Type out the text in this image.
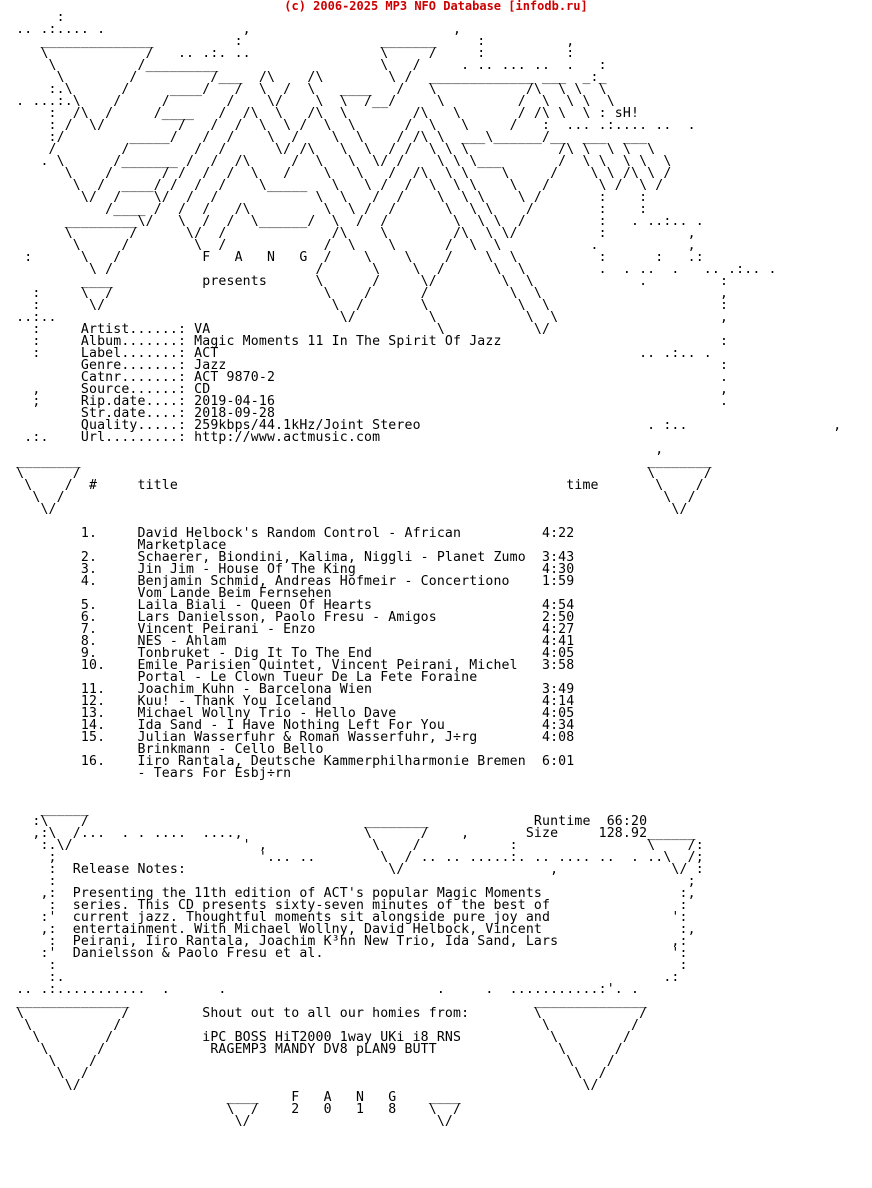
(c) 2006-2025 MP3 NFO Database [infodb.ru]
:
.. .:.... .                 ,                         ,
______________          :                 _______     :          ,
\            /   .. .:. ..                \     /     :          :
\          /_________                    \   /     . .. ... ..  .   :
\        /         /___  /\    /\        \ /  _____________ ___  _:_
:.\      /     ____/   /  \  /  \   ____   /   \           /\  \ \  \
. ...:.\    /     /       /    \/    \  \  /__/     \         /  \  \ \  \
:  /\  /     /____   /  /\  \   /\  \        /\   \       / /\ \  \ : sH!
: /  \/         /   /  /  \  \ /  \  \      /  \   \     /   :  ... .:.... ..  .
:/        _____/   /  /    \  /    \  \    / /\ \  ___\______/__  ___  ___
/        /        /  /      \/ /\   \  \  / /  \ \ \           /\ \  \ \  \
. \      /_______ /  /  /\     /  \   \  \/ /    \ \ \___       /  \ \  \ \  \
\    /      / /  /  /  \   /    \   \   /  /\  \ \    \     /    \ \ /\ \ /
\  /  ____/ /  /  /    \_____   \   \ /  /  \  \ \    \   /      \ /  \ /
\/  /    \/  /  /            \  \   /  /    \  \ \    \ /       :    :
/____ /  /  /   /\         \  \ /  /      \  \ \    /        :    :
_________\/   \  /  /  \______/  \  /  /        \  \ \  /         :   . ..:.. .
\       /      \/  /             /\    \        /\  \ \/          :          ,
\     /        \  /            /  \    \      /  \  \           .           ,
:      \   /          F   A   N   G  /    \    \    /    \  \          :      :   .:
\ /                         /      \    \  /      \  \         .  . ..  .   .. .:.. .
____           presents      \      /     \/        \  \             .         :
:     \  /                          \    /      /          \  \                      ,
:      \/                            \  /       \           \  \                     :
..:..                                   \/         \           \  \                    ,
:     Artist......: VA                            \           \/
:     Album.......: Magic Moments 11 In The Spirit Of Jazz                           :
:     Label.......: ACT                                                    .. .:.. .
Genre.......: Jazz                                                             :
Catnr.......: ACT 9870-2                                                       .
,     Source......: CD                                                               ,
;     Rip.date....: 2019-04-16                                                       .
Str.date....: 2018-09-28
Quality.....: 259kbps/44.1kHz/Joint Stereo                            . :..                  ,
.:.    Url.........: http://www.actmusic.com
,
________                                                                      ________
\      /                                                                      \      /
\    /  #     title                                                time       \    /
\  /                                                                          \  /
\/                                                                            \/

1.     David Helbock's Random Control - African          4:22
Marketplace
2.     Schaerer, Biondini, Kalima, Niggli - Planet Zumo  3:43
3.     Jin Jim - House Of The King                       4:30
4.     Benjamin Schmid, Andreas Hofmeir - Concertiono    1:59
Vom Lande Beim Fernsehen
5.     Laila Biali - Queen Of Hearts                     4:54
6.     Lars Danielsson, Paolo Fresu - Amigos             2:50
7.     Vincent Peirani - Enzo                            4:27
8.     NES - Ahlam                                       4:41
9.     Tonbruket - Dig It To The End                     4:05
10.    Emile Parisien Quintet, Vincent Peirani, Michel   3:58
Portal - Le Clown Tueur De La Fete Foraine
11.    Joachim Kuhn - Barcelona Wien                     3:49
12.    Kuu! - Thank You Iceland                          4:14
13.    Michael Wollny Trio - Hello Dave                  4:05
14.    Ida Sand - I Have Nothing Left For You            4:34
15.    Julian Wasserfuhr & Roman Wasserfuhr, J÷rg        4:08
Brinkmann - Cello Bello
16.    Iiro Rantala, Deutsche Kammerphilharmonie Bremen  6:01
- Tears For Esbj÷rn

______
:\    /                                  ________             Runtime  66:20
,:\  /...  . . ....  ....,               \      /    ,       Size     128.92______
:.\/                     ' ,             \    /           :                \    /:
;                         '... ..        \  / .. .. .....:. .. .... ..  . ..\  /;
:  Release Notes:                         \/                  ,              \/ :
:                                                                              ;
,:  Presenting the 11th edition of ACT's popular Magic Moments                 :,
:  series. This CD presents sixty-seven minutes of the best of                :
:'  current jazz. Thoughtful moments sit alongside pure joy and               ':
,:  entertainment. With Michael Wollny, David Helbock, Vincent                 :,
:  Peirani, Iiro Rantala, Joachim K³hn New Trio, Ida Sand, Lars              ,:
:'  Danielsson & Paolo Fresu et al.                                           ':
:                                                                             :
:.                                                                          .:
.. .:...........  .      .                          .     .  ...........:'. .
______________                                                  ______________
\            /         Shout out to all our homies from:        \            /
\          /                                                    \          /
\        /           iPC BOSS HiT2000 1way UKi i8 RNS           \        /
\      /             RAGEMP3 MANDY DV8 pLAN9 BUTT               \      /
\    /                                                          \    /
\  /                                                            \  /
\/                                                              \/
____    F   A   N   G    ____
\  /    2   0   1   8    \  /
\/                       \/
